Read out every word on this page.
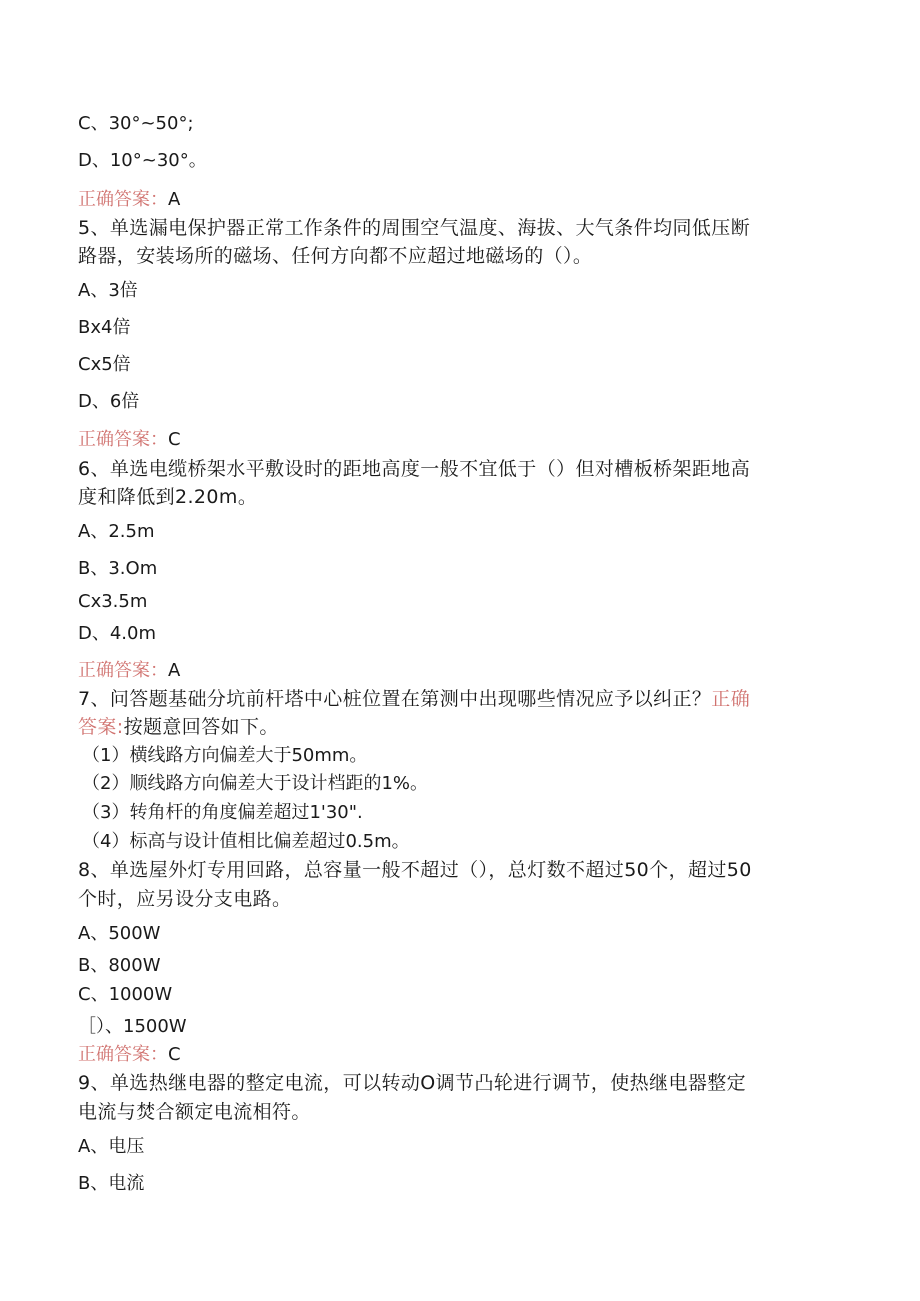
C、30°~50°;
D、10°~30°。
正确答案：A
5、单选漏电保护器正常工作条件的周围空气温度、海拔、大气条件均同低压断
路器，安装场所的磁场、任何方向都不应超过地磁场的（）。
A、3倍
Bx4倍
Cx5倍
D、6倍
正确答案：C
6、单选电缆桥架水平敷设时的距地高度一般不宜低于（）但对槽板桥架距地高
度和降低到2.20m。
A、2.5m
B、3.Om
Cx3.5m
D、4.0m
正确答案：A
7、问答题基础分坑前杆塔中心桩位置在第测中出现哪些情况应予以纠正？正确
答案:按题意回答如下。
（1）横线路方向偏差大于50mm。
（2）顺线路方向偏差大于设计档距的1%。
（3）转角杆的角度偏差超过1'30".
（4）标高与设计值相比偏差超过0.5m。
8、单选屋外灯专用回路，总容量一般不超过（），总灯数不超过50个，超过50
个时，应另设分支电路。
A、500W
B、800W
C、1000W
［）、1500W
正确答案：C
9、单选热继电器的整定电流，可以转动O调节凸轮进行调节，使热继电器整定
电流与焚合额定电流相符。
A、电压
B、电流
